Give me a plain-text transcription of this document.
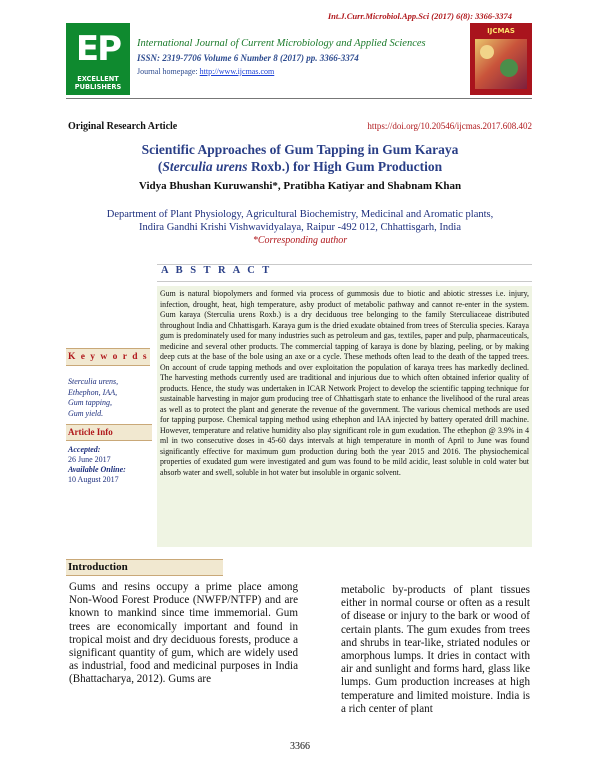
Int.J.Curr.Microbiol.App.Sci (2017) 6(8): 3366-3374
EP
EXCELLENT PUBLISHERS
International Journal of Current Microbiology and Applied Sciences
ISSN: 2319-7706 Volume 6 Number 8 (2017) pp. 3366-3374
Journal homepage: http://www.ijcmas.com
IJCMAS
Original Research Article	https://doi.org/10.20546/ijcmas.2017.608.402
Scientific Approaches of Gum Tapping in Gum Karaya
(Sterculia urens Roxb.) for High Gum Production
Vidya Bhushan Kuruwanshi*, Pratibha Katiyar and Shabnam Khan
Department of Plant Physiology, Agricultural Biochemistry, Medicinal and Aromatic plants,
Indira Gandhi Krishi Vishwavidyalaya, Raipur -492 012, Chhattisgarh, India
*Corresponding author
A B S T R A C T
Gum is natural biopolymers and formed via process of gummosis due to biotic and abiotic stresses i.e. injury, infection, drought, heat, high temperature, asby product of metabolic pathway and cannot re-enter in the system. Gum karaya (Sterculia urens Roxb.) is a dry deciduous tree belonging to the family Sterculiaceae distributed throughout India and Chhattisgarh. Karaya gum is the dried exudate obtained from trees of Sterculia species. Karaya gum is predominately used for many industries such as petroleum and gas, textiles, paper and pulp, pharmaceuticals, medicine and several other products. The commercial tapping of karaya is done by blazing, peeling, or by making deep cuts at the base of the bole using an axe or a cycle. These methods often lead to the death of the tapped trees. On account of crude tapping methods and over exploitation the population of karaya trees has markedly declined. The harvesting methods currently used are traditional and injurious due to which often obtained inferior quality of products. Hence, the study was undertaken in ICAR Network Project to develop the scientific tapping technique for sustainable harvesting in major gum producing tree of Chhattisgarh state to enhance the livelihood of the rural areas as well as to protect the plant and generate the revenue of the government. The various chemical methods are used for tapping purpose. Chemical tapping method using ethephon and IAA injected by battery operated drill machine. However, temperature and relative humidity also play significant role in gum exudation. The ethephon @ 3.9% in 4 ml in two consecutive doses in 45-60 days intervals at high temperature in month of April to June was found significantly effective for maximum gum production during both the year 2015 and 2016. The physiochemical properties of exudated gum were investigated and gum was found to be mild acidic, least soluble in cold water but absorb water and swell, soluble in hot water but insoluble in organic solvent.
K e y w o r d s
Sterculia urens,
Ethephon, IAA,
Gum tapping,
Gum yield.
Article Info
Accepted:
26 June 2017
Available Online:
10 August 2017
Introduction
Gums and resins occupy a prime place among Non-Wood Forest Produce (NWFP/NTFP) and are known to mankind since time immemorial. Gum trees are economically important and found in tropical moist and dry deciduous forests, produce a significant quantity of gum, which are widely used as industrial, food and medicinal purposes in India (Bhattacharya, 2012). Gums are
metabolic by-products of plant tissues either in normal course or often as a result of disease or injury to the bark or wood of certain plants. The gum exudes from trees and shrubs in tear-like, striated nodules or amorphous lumps. It dries in contact with air and sunlight and forms hard, glass like lumps. Gum production increases at high temperature and limited moisture. India is a rich center of plant
3366
